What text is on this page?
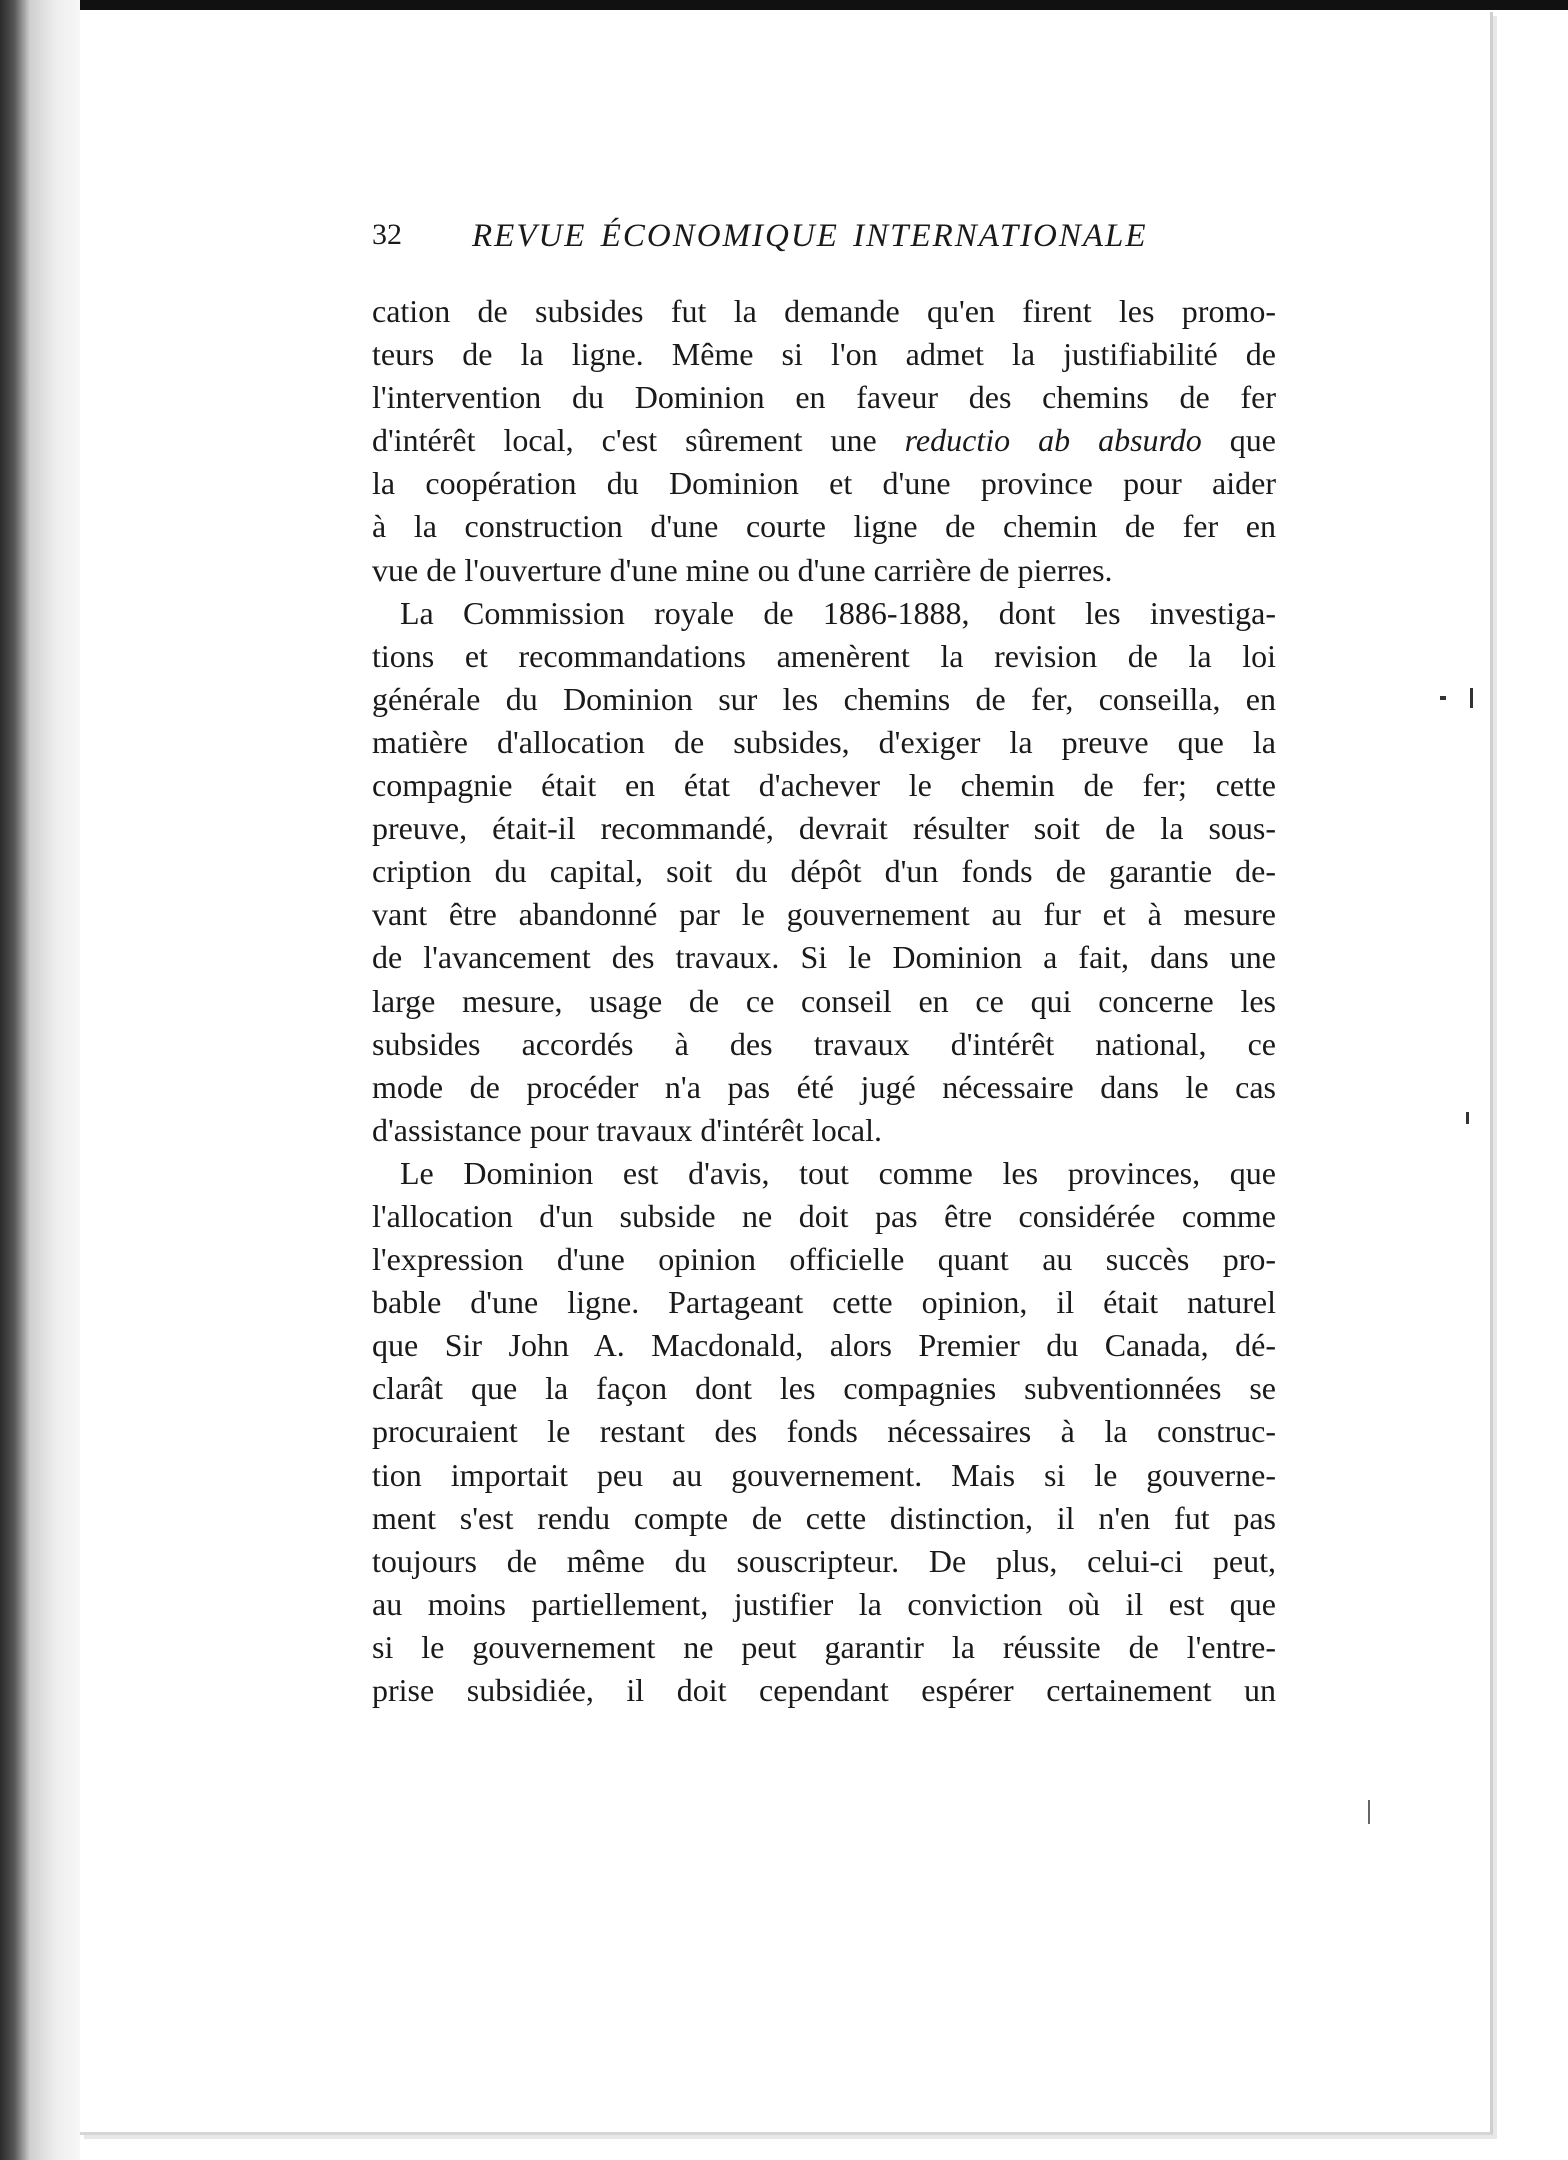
32 REVUE ÉCONOMIQUE INTERNATIONALE
cation de subsides fut la demande qu'en firent les promo-
teurs de la ligne. Même si l'on admet la justifiabilité de
l'intervention du Dominion en faveur des chemins de fer
d'intérêt local, c'est sûrement une reductio ab absurdo que
la coopération du Dominion et d'une province pour aider
à la construction d'une courte ligne de chemin de fer en
vue de l'ouverture d'une mine ou d'une carrière de pierres.
La Commission royale de 1886-1888, dont les investiga-
tions et recommandations amenèrent la revision de la loi
générale du Dominion sur les chemins de fer, conseilla, en
matière d'allocation de subsides, d'exiger la preuve que la
compagnie était en état d'achever le chemin de fer; cette
preuve, était-il recommandé, devrait résulter soit de la sous-
cription du capital, soit du dépôt d'un fonds de garantie de-
vant être abandonné par le gouvernement au fur et à mesure
de l'avancement des travaux. Si le Dominion a fait, dans une
large mesure, usage de ce conseil en ce qui concerne les
subsides accordés à des travaux d'intérêt national, ce
mode de procéder n'a pas été jugé nécessaire dans le cas
d'assistance pour travaux d'intérêt local.
Le Dominion est d'avis, tout comme les provinces, que
l'allocation d'un subside ne doit pas être considérée comme
l'expression d'une opinion officielle quant au succès pro-
bable d'une ligne. Partageant cette opinion, il était naturel
que Sir John A. Macdonald, alors Premier du Canada, dé-
clarât que la façon dont les compagnies subventionnées se
procuraient le restant des fonds nécessaires à la construc-
tion importait peu au gouvernement. Mais si le gouverne-
ment s'est rendu compte de cette distinction, il n'en fut pas
toujours de même du souscripteur. De plus, celui-ci peut,
au moins partiellement, justifier la conviction où il est que
si le gouvernement ne peut garantir la réussite de l'entre-
prise subsidiée, il doit cependant espérer certainement un
